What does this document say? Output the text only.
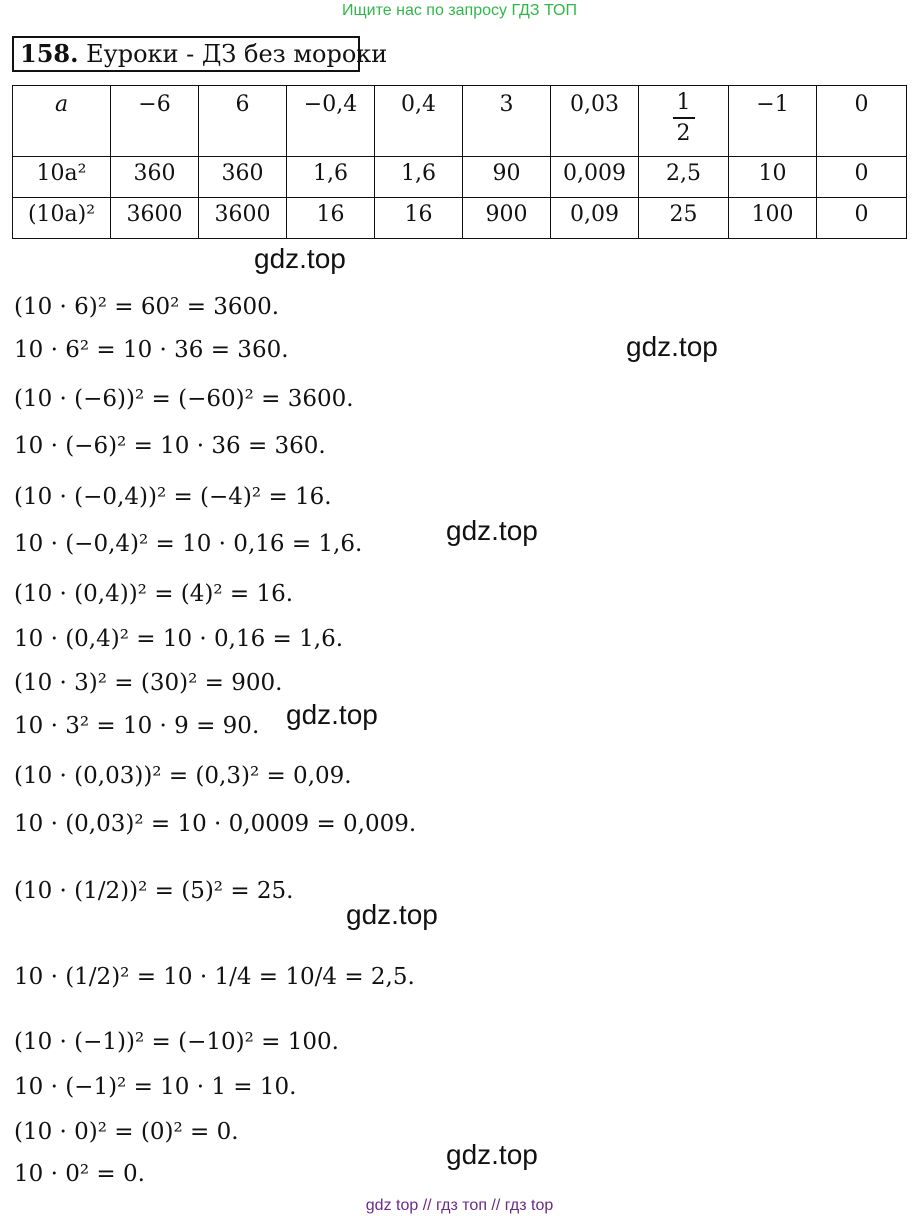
Ищите нас по запросу ГДЗ ТОП
158. Еуроки - ДЗ без мороки
a	−6	6	−0,4	0,4	3	0,03	$\frac{1}{2}$	−1	0
10a²	360	360	1,6	1,6	90	0,009	2,5	10	0
(10a)²	3600	3600	16	16	900	0,09	25	100	0
(10 · 6)² = 60² = 3600.
10 · 6² = 10 · 36 = 360.
(10 · (−6))² = (−60)² = 3600.
10 · (−6)² = 10 · 36 = 360.
(10 · (−0,4))² = (−4)² = 16.
10 · (−0,4)² = 10 · 0,16 = 1,6.
(10 · (0,4))² = (4)² = 16.
10 · (0,4)² = 10 · 0,16 = 1,6.
(10 · 3)² = (30)² = 900.
10 · 3² = 10 · 9 = 90.
(10 · (0,03))² = (0,3)² = 0,09.
10 · (0,03)² = 10 · 0,0009 = 0,009.
(10 · (1/2))² = (5)² = 25.
10 · (1/2)² = 10 · 1/4 = 10/4 = 2,5.
(10 · (−1))² = (−10)² = 100.
10 · (−1)² = 10 · 1 = 10.
(10 · 0)² = (0)² = 0.
10 · 0² = 0.
gdz.top
gdz.top
gdz.top
gdz.top
gdz.top
gdz.top
gdz top // гдз топ // гдз top
